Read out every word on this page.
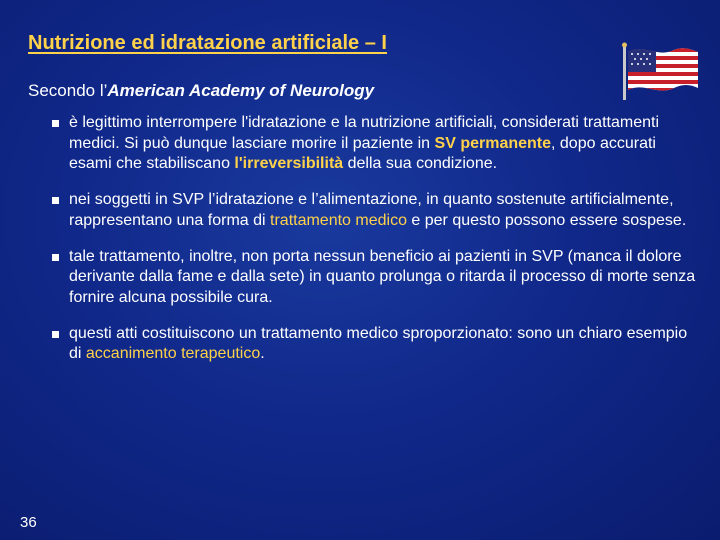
Nutrizione ed idratazione artificiale – I
Secondo l’American Academy of Neurology
è legittimo interrompere l'idratazione e la nutrizione artificiali, considerati trattamenti medici. Si può dunque lasciare morire il paziente in SV permanente, dopo accurati esami che stabiliscano l'irreversibilità della sua condizione.
nei soggetti in SVP l’idratazione e l’alimentazione, in quanto sostenute artificialmente, rappresentano una forma di trattamento medico e per questo possono essere sospese.
tale trattamento, inoltre, non porta nessun beneficio ai pazienti in SVP (manca il dolore derivante dalla fame e dalla sete) in quanto prolunga o ritarda il processo di morte senza fornire alcuna possibile cura.
questi atti costituiscono un trattamento medico sproporzionato: sono un chiaro esempio di accanimento terapeutico.
36
